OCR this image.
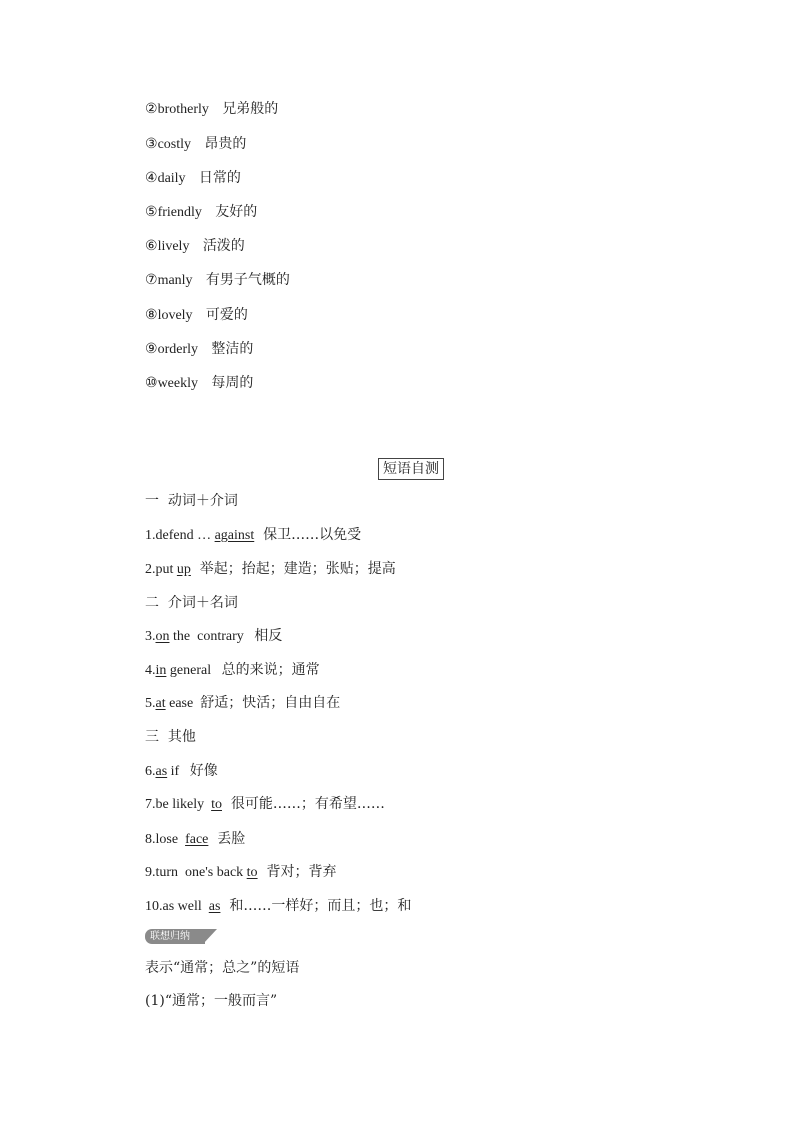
②brotherly 兄弟般的
③costly 昂贵的
④daily 日常的
⑤friendly 友好的
⑥lively 活泼的
⑦manly 有男子气概的
⑧lovely 可爱的
⑨orderly 整洁的
⑩weekly 每周的
短语自测
一  动词＋介词
1.defend … against  保卫……以免受
2.put up  举起；抬起；建造；张贴；提高
二  介词＋名词
3.on the  contrary   相反
4.in general   总的来说；通常
5.at ease  舒适；快活；自由自在
三  其他
6.as if   好像
7.be likely  to  很可能……；有希望……
8.lose  face  丢脸
9.turn  one's back to  背对；背弃
10.as well  as  和……一样好；而且；也；和
联想归纳
表示“通常；总之”的短语
(1)“通常；一般而言”
